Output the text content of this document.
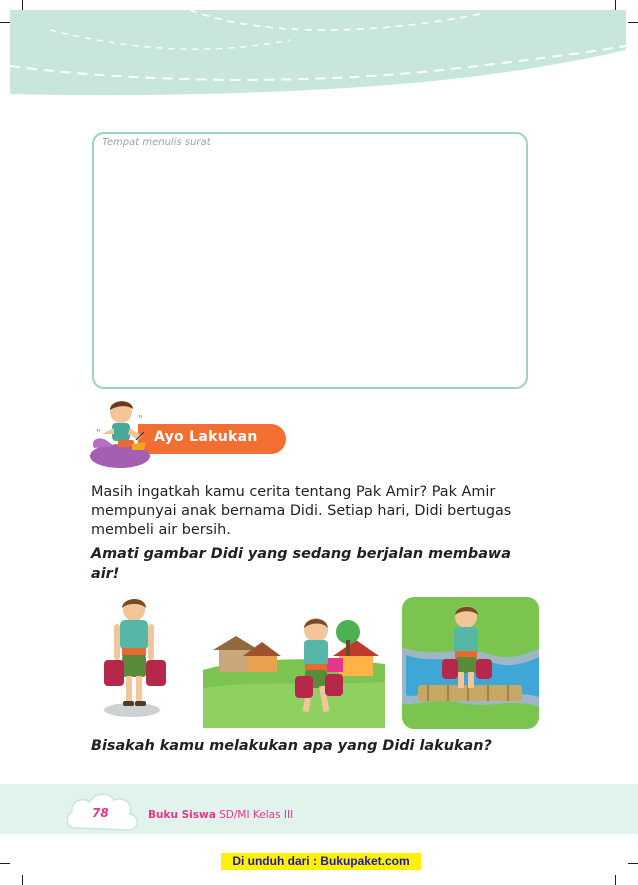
Tempat menulis surat
Ayo Lakukan
"
"
Masih ingatkah kamu cerita tentang Pak Amir? Pak Amir mempunyai anak bernama Didi. Setiap hari, Didi bertugas membeli air bersih.
Amati gambar Didi yang sedang berjalan membawa air!
Bisakah kamu melakukan apa yang Didi lakukan?
78	Buku Siswa SD/MI Kelas III
Di unduh dari : Bukupaket.com
